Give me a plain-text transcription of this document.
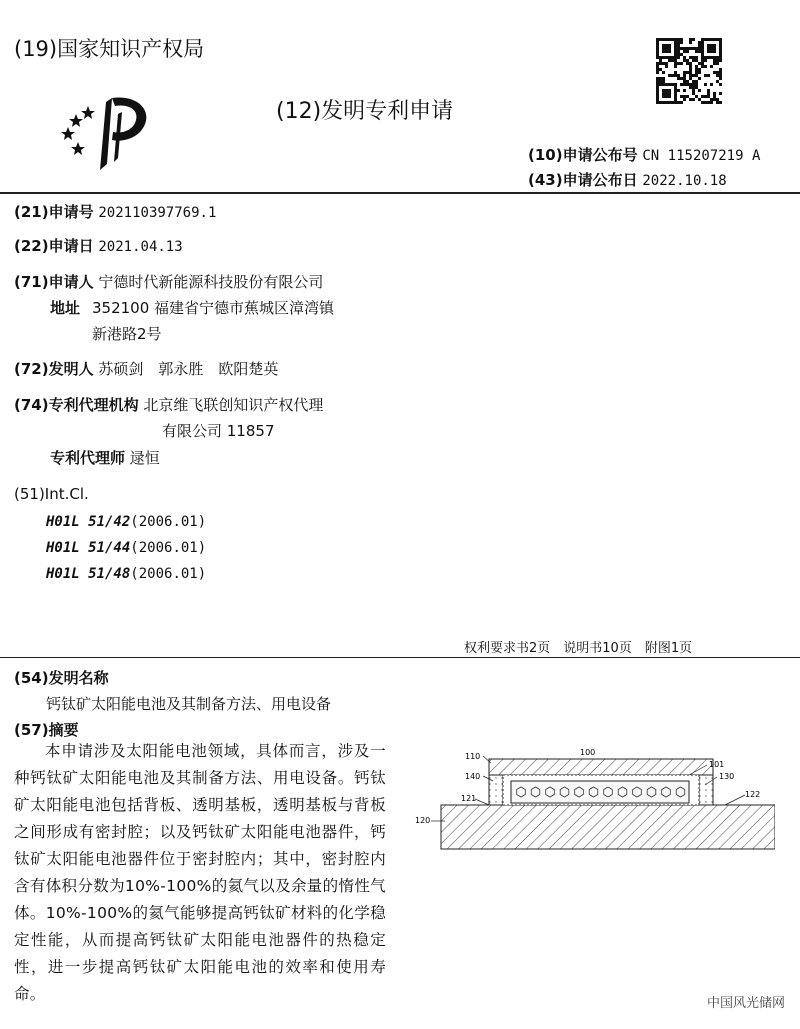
(19)国家知识产权局
(12)发明专利申请
(10)申请公布号 CN 115207219 A
(43)申请公布日 2022.10.18
(21)申请号 202110397769.1
(22)申请日 2021.04.13
(71)申请人 宁德时代新能源科技股份有限公司
地址 352100 福建省宁德市蕉城区漳湾镇
新港路2号
(72)发明人 苏硕剑　郭永胜　欧阳楚英
(74)专利代理机构 北京维飞联创知识产权代理
有限公司 11857
专利代理师 逯恒
(51)Int.Cl.
H01L 51/42(2006.01)
H01L 51/44(2006.01)
H01L 51/48(2006.01)
权利要求书2页　说明书10页　附图1页
(54)发明名称
钙钛矿太阳能电池及其制备方法、用电设备
(57)摘要
本申请涉及太阳能电池领域，具体而言，涉及一种钙钛矿太阳能电池及其制备方法、用电设备。钙钛矿太阳能电池包括背板、透明基板，透明基板与背板之间形成有密封腔；以及钙钛矿太阳能电池器件，钙钛矿太阳能电池器件位于密封腔内；其中，密封腔内含有体积分数为10%-100%的氦气以及余量的惰性气体。10%-100%的氦气能够提高钙钛矿材料的化学稳定性能，从而提高钙钛矿太阳能电池器件的热稳定性，进一步提高钙钛矿太阳能电池的效率和使用寿命。
100
101
110
140	130
121	122
120
中国风光储网
